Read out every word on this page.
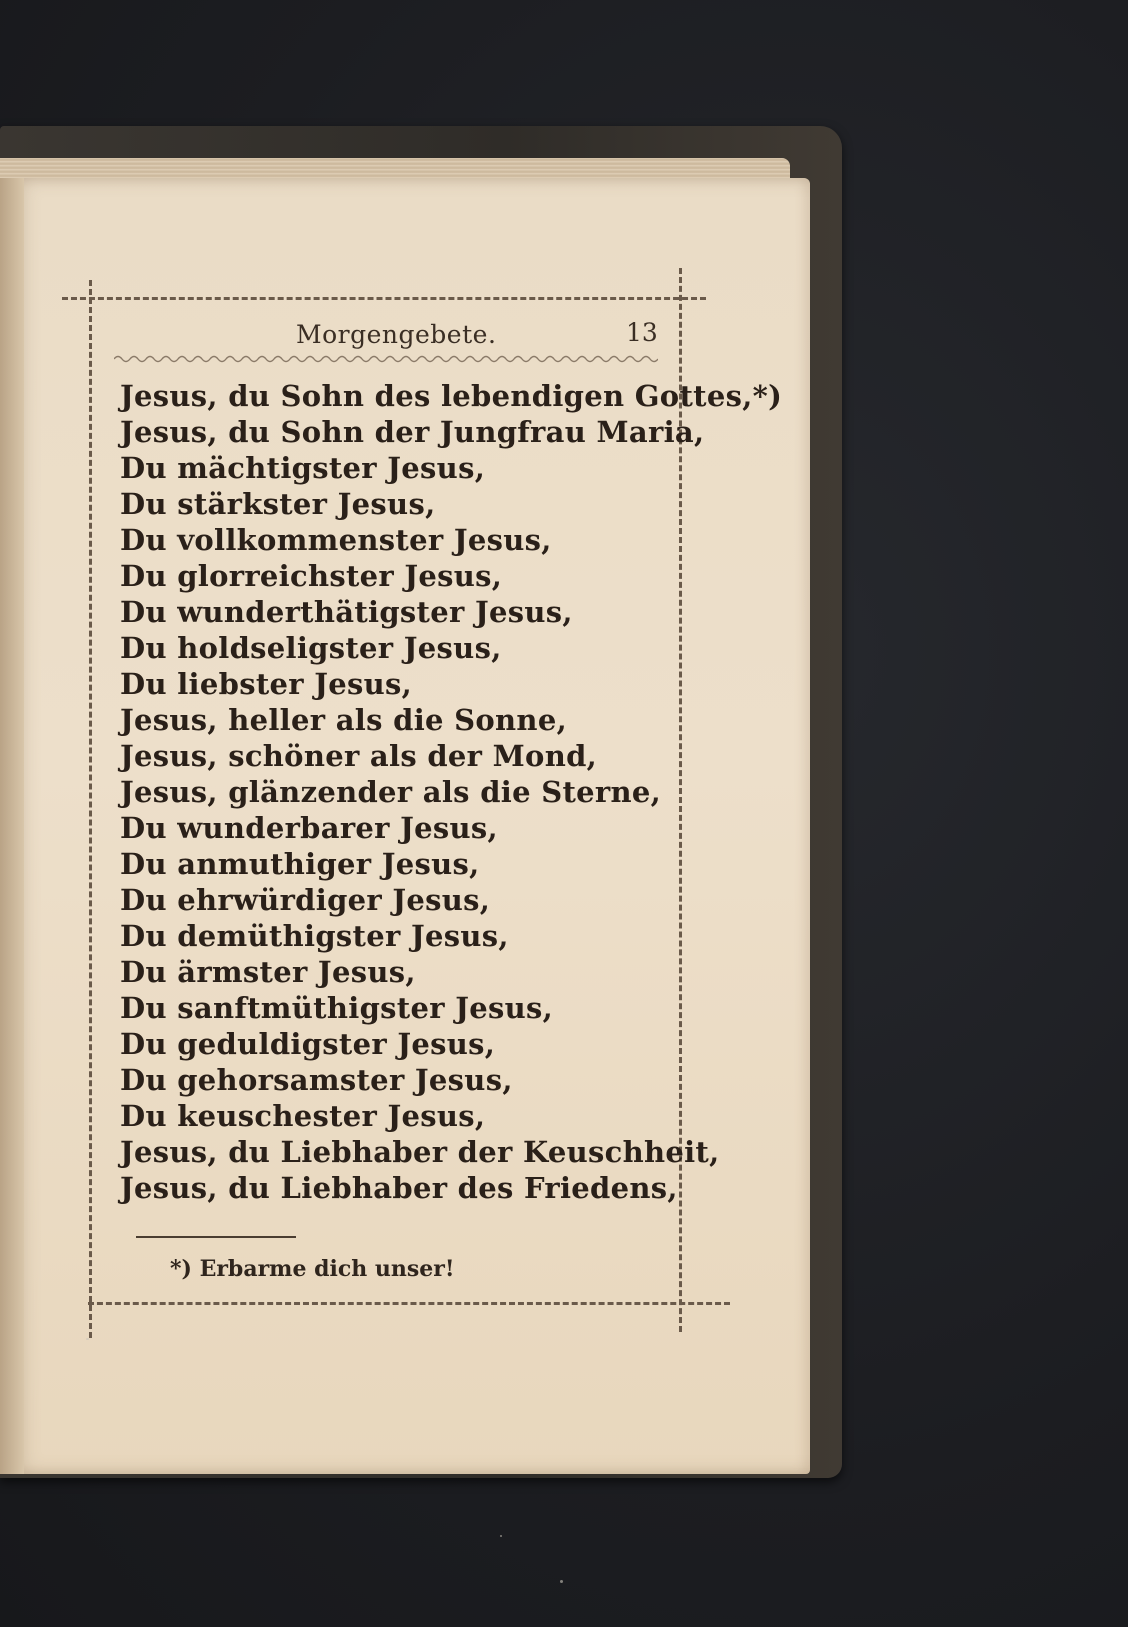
Morgengebete.	13
Jesus, du Sohn des lebendigen Gottes,*)
Jesus, du Sohn der Jungfrau Maria,
Du mächtigster Jesus,
Du stärkster Jesus,
Du vollkommenster Jesus,
Du glorreichster Jesus,
Du wunderthätigster Jesus,
Du holdseligster Jesus,
Du liebster Jesus,
Jesus, heller als die Sonne,
Jesus, schöner als der Mond,
Jesus, glänzender als die Sterne,
Du wunderbarer Jesus,
Du anmuthiger Jesus,
Du ehrwürdiger Jesus,
Du demüthigster Jesus,
Du ärmster Jesus,
Du sanftmüthigster Jesus,
Du geduldigster Jesus,
Du gehorsamster Jesus,
Du keuschester Jesus,
Jesus, du Liebhaber der Keuschheit,
Jesus, du Liebhaber des Friedens,
*) Erbarme dich unser!
